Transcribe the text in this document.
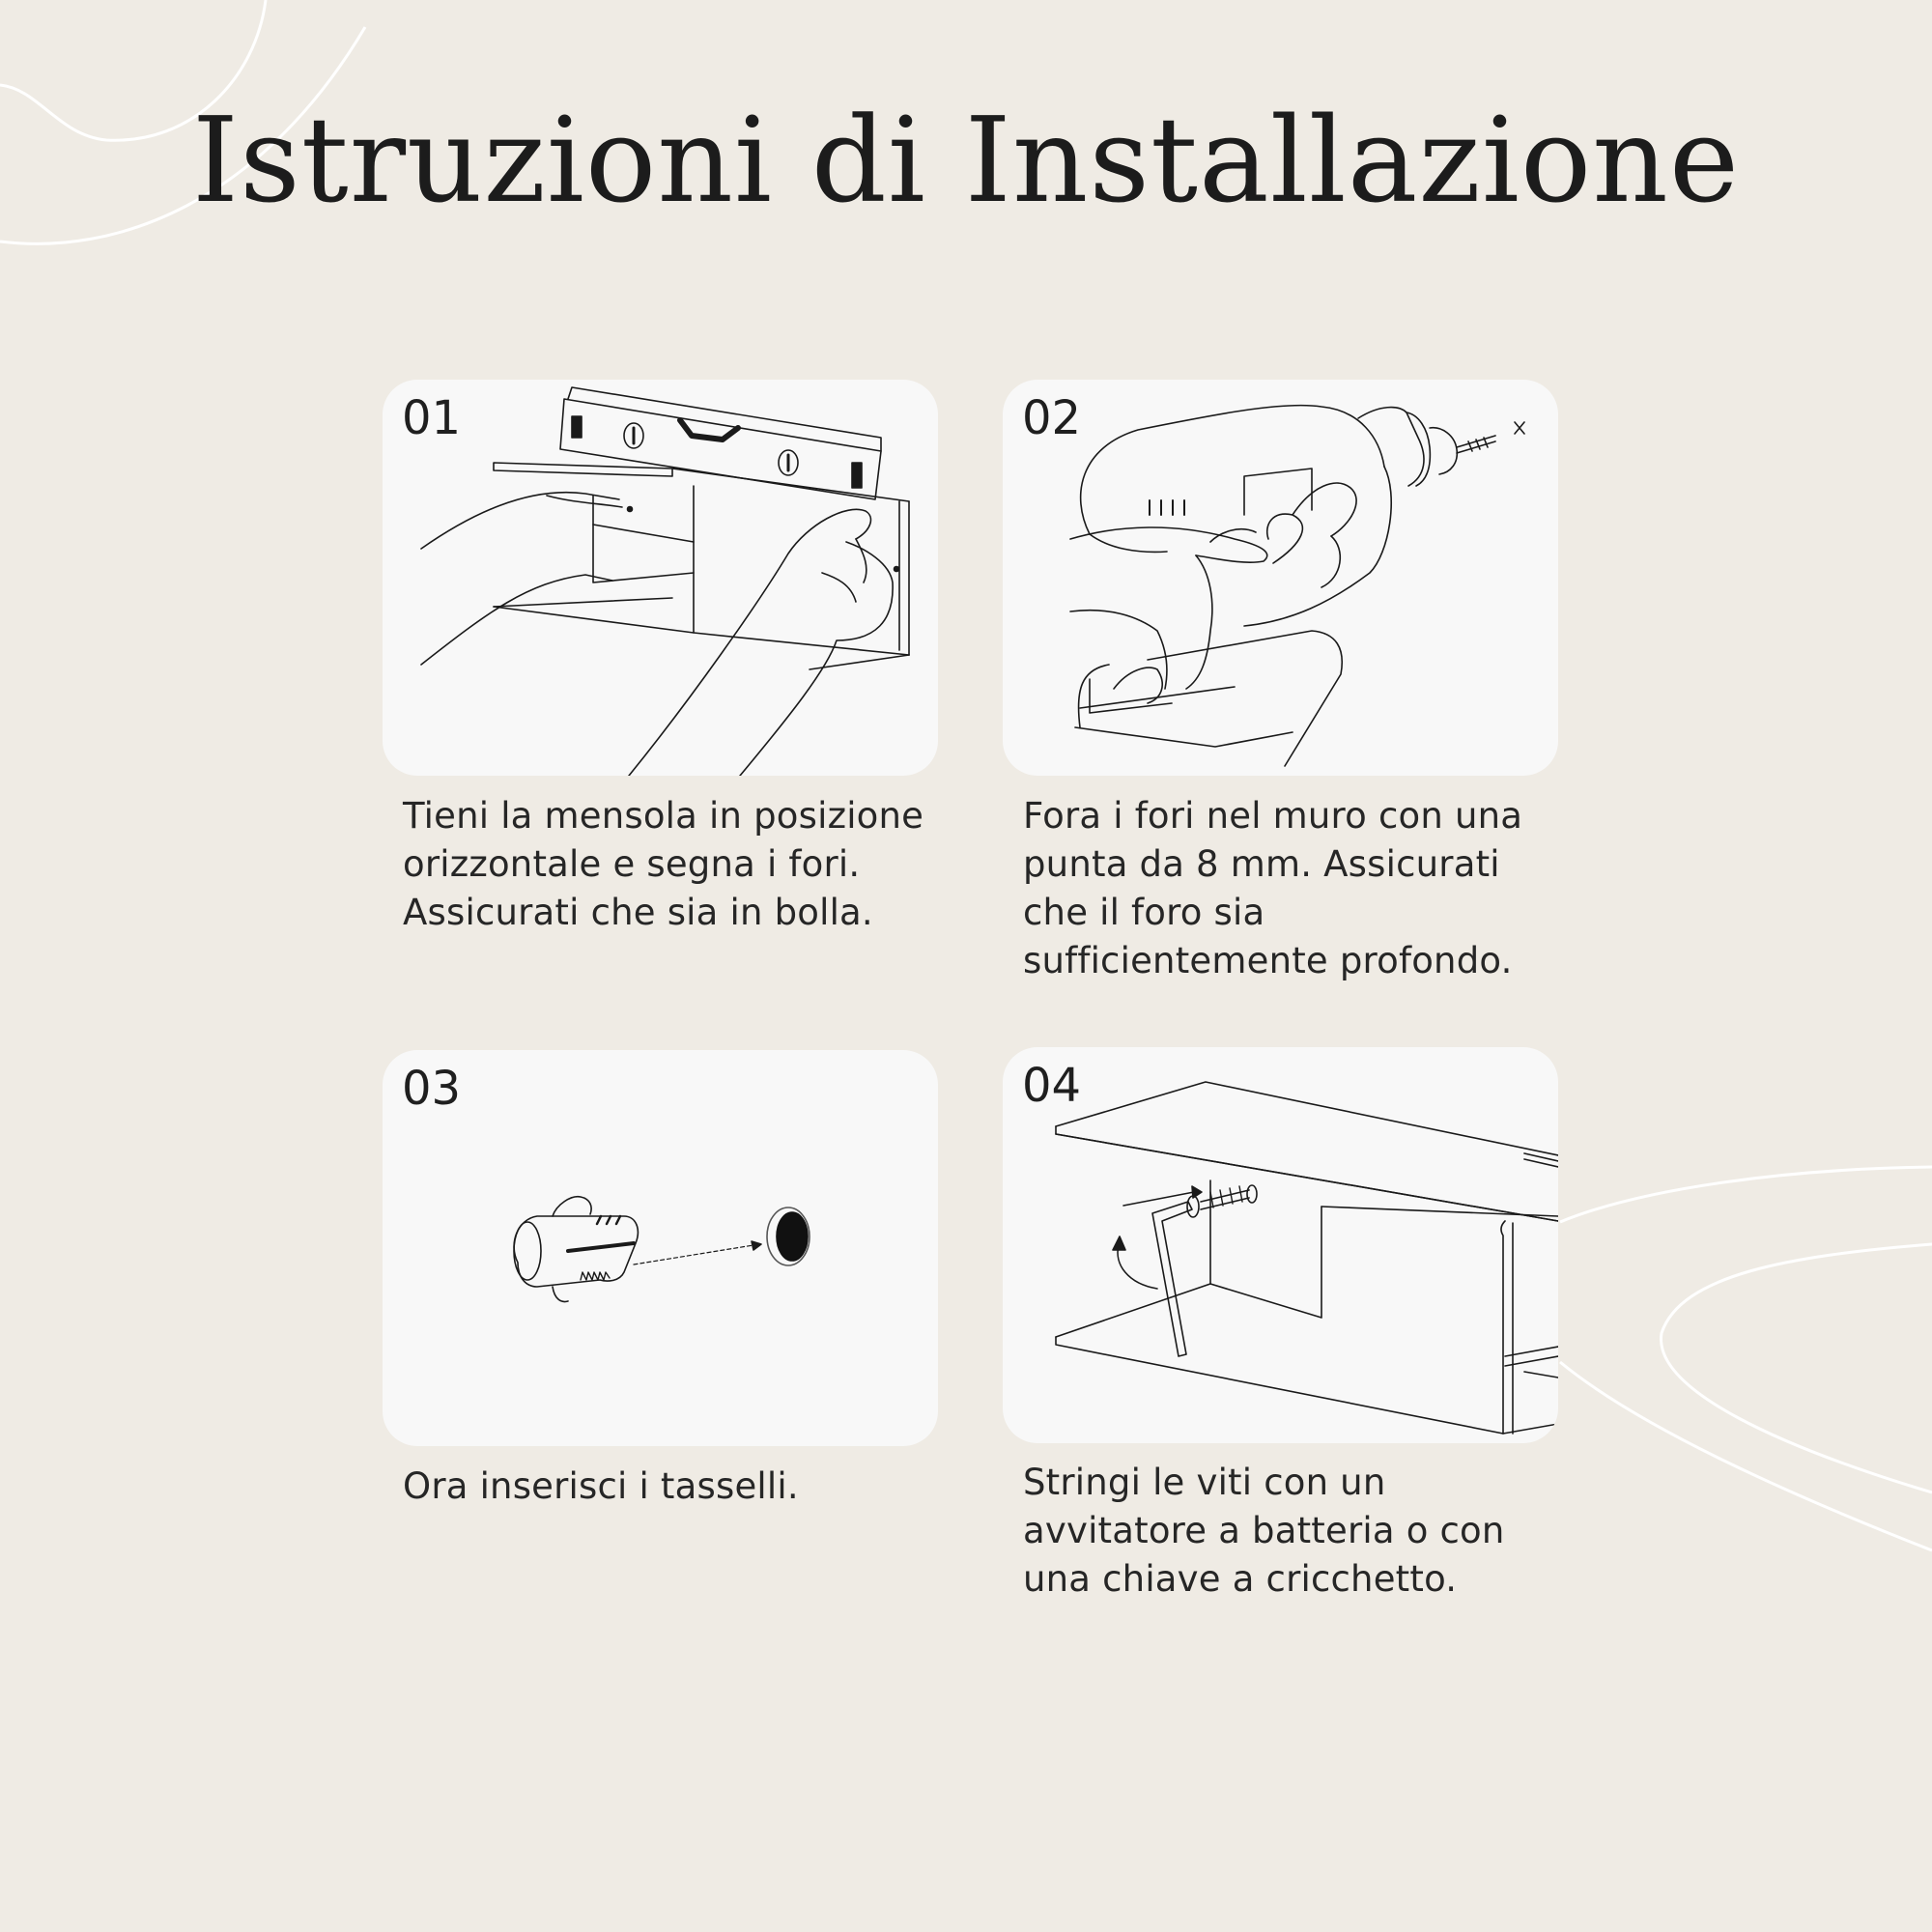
Istruzioni di Installazione
01

Tieni la mensola in posizione orizzontale e segna i fori. Assicurati che sia in bolla.

02

Fora i fori nel muro con una punta da 8 mm. Assicurati che il foro sia sufficientemente profondo.

03

Ora inserisci i tasselli.

04

Stringi le viti con un avvitatore a batteria o con una chiave a cricchetto.
